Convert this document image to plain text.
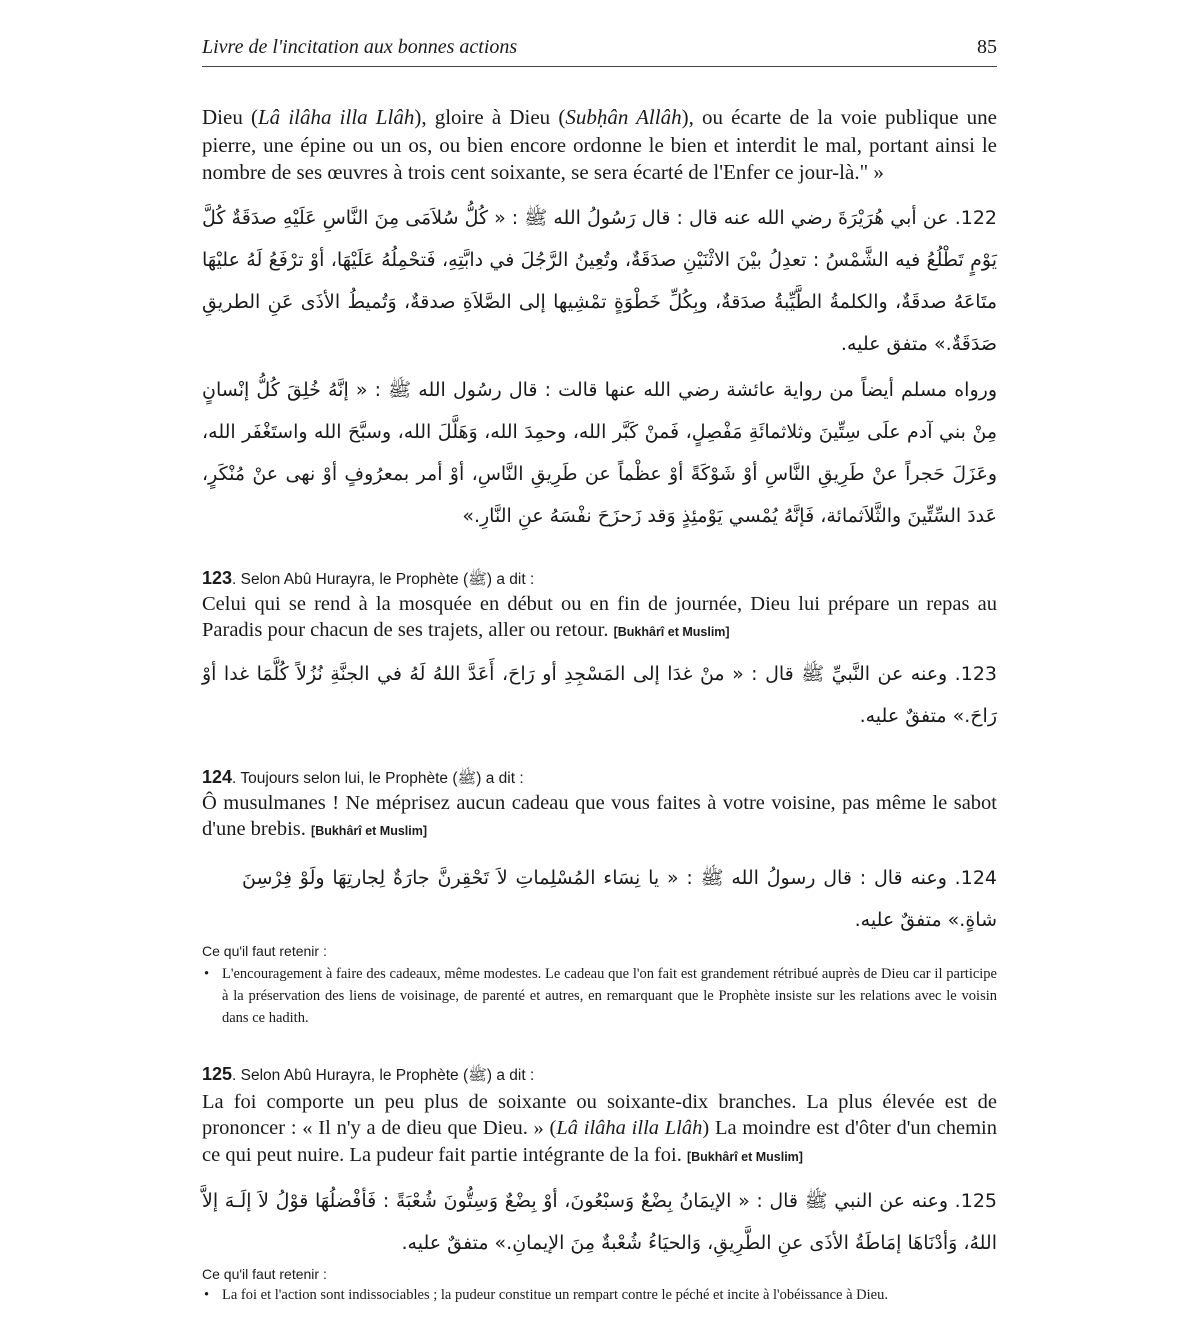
Livre de l'incitation aux bonnes actions	85
Dieu (Lâ ilâha illa Llâh), gloire à Dieu (Subḥân Allâh), ou écarte de la voie publique une pierre, une épine ou un os, ou bien encore ordonne le bien et interdit le mal, portant ainsi le nombre de ses œuvres à trois cent soixante, se sera écarté de l'Enfer ce jour-là." »
122. عن أبي هُرَيْرَةَ رضي الله عنه قال : قال رَسُولُ الله ﷺ : « كُلُّ سُلاَمَى مِنَ النَّاسِ عَلَيْهِ صدَقَةٌ كُلَّ يَوْمٍ تَطْلُعُ فيه الشَّمْسُ : تعدِلُ بيْنَ الاثْنَيْنِ صدَقَةٌ، وتُعِينُ الرَّجُلَ في دابَّتِهِ، فَتحْمِلُهُ عَلَيْهَا، أوْ ترْفَعُ لَهُ عليْهَا متَاعَهُ صدقَةٌ، والكلمةُ الطَّيِّبةُ صدَقةٌ، وبِكُلِّ خَطْوَةٍ تمْشِيها إلى الصَّلاَةِ صدقةٌ، وَتُميطُ الأذَى عَنِ الطريقِ صَدَقَةٌ.» متفق عليه.
ورواه مسلم أيضاً من رواية عائشة رضي الله عنها قالت : قال رسُول الله ﷺ : « إنَّهُ خُلِقَ كُلُّ إنْسانٍ مِنْ بني آدم علَى سِتِّينَ وثلاثمائَةِ مَفْصِلٍ، فَمنْ كَبَّر الله، وحمِدَ الله، وَهَلَّلَ الله، وسبَّحَ الله واستَغْفَر الله، وعَزَلَ حَجراً عنْ طَرِيقِ النَّاسِ أوْ شَوْكَةً أوْ عظْماً عن طَرِيقِ النَّاسِ، أوْ أمر بمعرُوفٍ أوْ نهى عنْ مُنْكَرٍ، عَددَ السِّتِّينَ والثَّلاَثمائة، فَإنَّهُ يُمْسي يَوْمئِذٍ وَقد زَحزَحَ نفْسَهُ عنِ النَّارِ.»
123. Selon Abû Hurayra, le Prophète (ﷺ) a dit :
Celui qui se rend à la mosquée en début ou en fin de journée, Dieu lui prépare un repas au Paradis pour chacun de ses trajets, aller ou retour. [Bukhârî et Muslim]
123. وعنه عن النَّبيِّ ﷺ قال : « منْ غدَا إلى المَسْجِدِ أو رَاحَ، أَعَدَّ اللهُ لَهُ في الجنَّةِ نُزُلاً كُلَّمَا غدا أوْ رَاحَ.» متفقٌ عليه.
124. Toujours selon lui, le Prophète (ﷺ) a dit :
Ô musulmanes ! Ne méprisez aucun cadeau que vous faites à votre voisine, pas même le sabot d'une brebis. [Bukhârî et Muslim]
124. وعنه قال : قال رسولُ الله ﷺ : « يا نِسَاء المُسْلِماتِ لاَ تَحْقِرنَّ جارَةٌ لِجارتِهَا ولَوْ فِرْسِنَ شاةٍ.» متفقٌ عليه.
Ce qu'il faut retenir :
• L'encouragement à faire des cadeaux, même modestes. Le cadeau que l'on fait est grandement rétribué auprès de Dieu car il participe à la préservation des liens de voisinage, de parenté et autres, en remarquant que le Prophète insiste sur les relations avec le voisin dans ce hadith.
125. Selon Abû Hurayra, le Prophète (ﷺ) a dit :
La foi comporte un peu plus de soixante ou soixante-dix branches. La plus élevée est de prononcer : « Il n'y a de dieu que Dieu. » (Lâ ilâha illa Llâh) La moindre est d'ôter d'un chemin ce qui peut nuire. La pudeur fait partie intégrante de la foi. [Bukhârî et Muslim]
125. وعنه عن النبي ﷺ قال : « الإيمَانُ بِضْعٌ وَسبْعُونَ، أوْ بِضْعٌ وَسِتُّونَ شُعْبَةً : فَأفْضلُهَا قوْلُ لاَ إلَـهَ إلاَّ اللهُ، وَأدْنَاهَا إمَاطَةُ الأذَى عنِ الطَّرِيقِ، وَالحيَاءُ شُعْبةٌ مِنَ الإيمانِ.» متفقٌ عليه.
Ce qu'il faut retenir :
• La foi et l'action sont indissociables ; la pudeur constitue un rempart contre le péché et incite à l'obéissance à Dieu.
